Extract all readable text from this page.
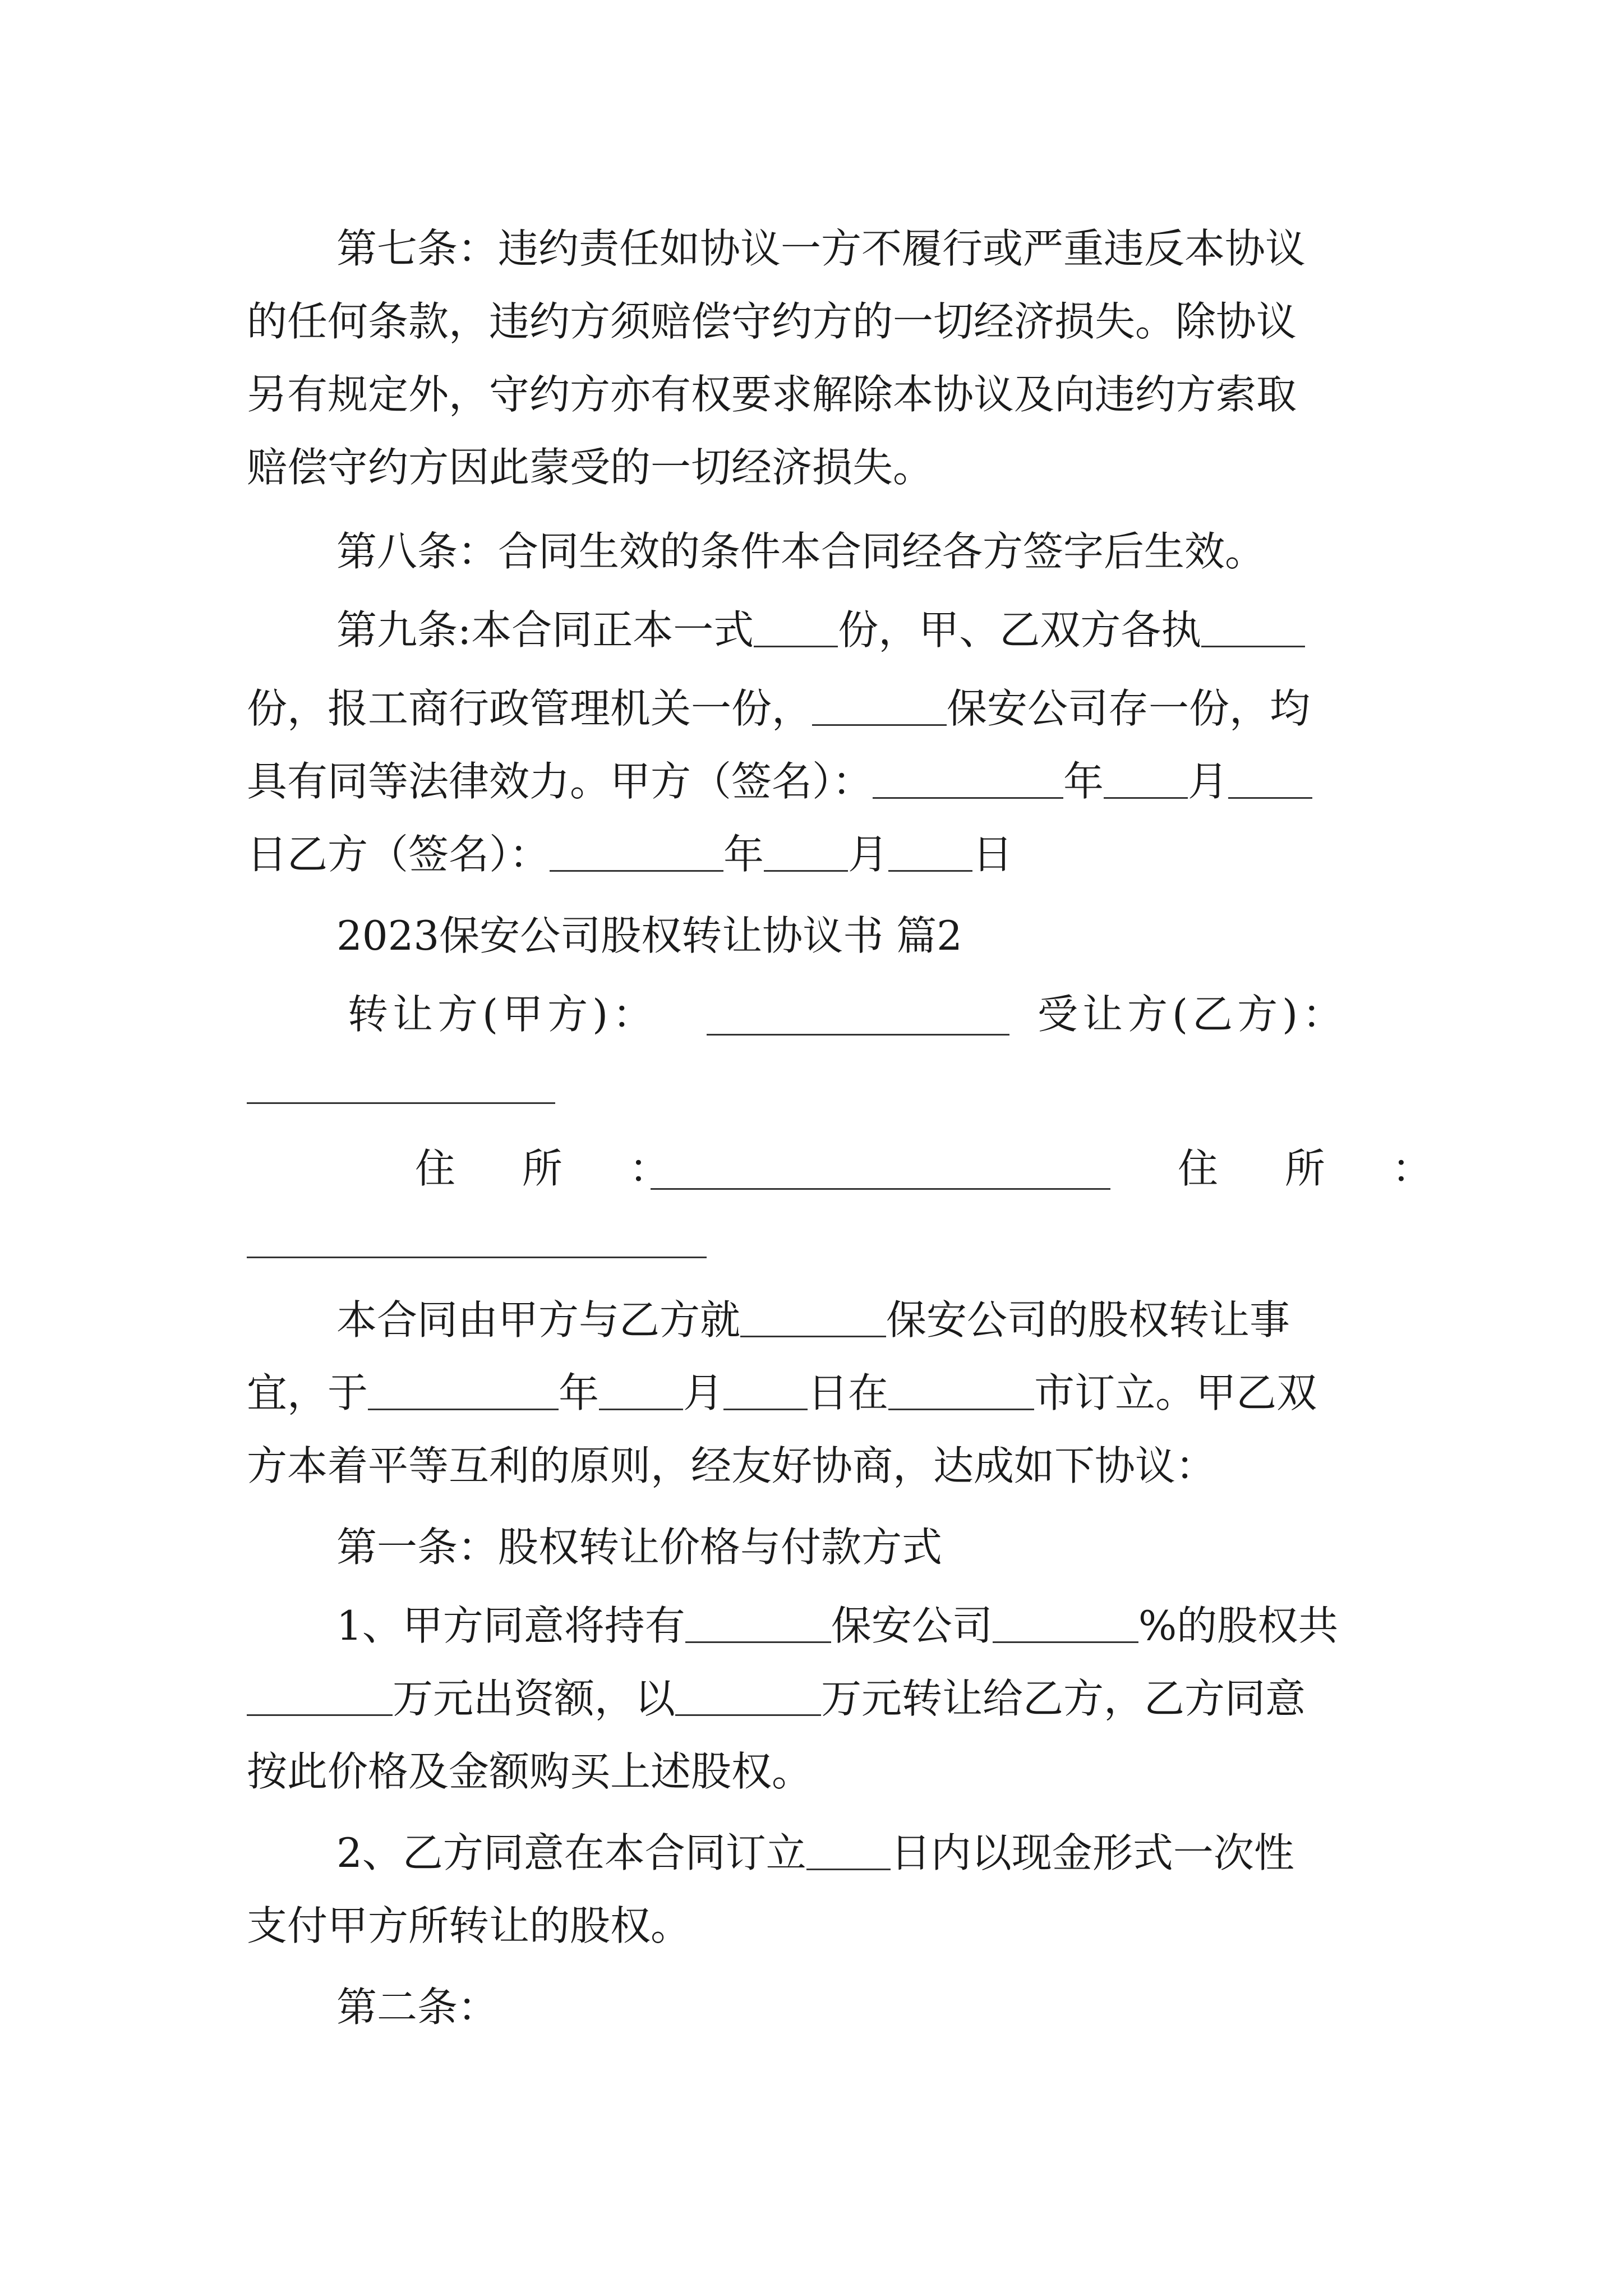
第七条：违约责任如协议一方不履行或严重违反本协议
的任何条款，违约方须赔偿守约方的一切经济损失。除协议
另有规定外，守约方亦有权要求解除本协议及向违约方索取
赔偿守约方因此蒙受的一切经济损失。
第八条：合同生效的条件本合同经各方签字后生效。
第九条:本合同正本一式 份，甲、乙双方各执
份，报工商行政管理机关一份，	保安公司存一份，均
具有同等法律效力。甲方（签名）：	年 月
日乙方（签名）：	年 月 日
2023保安公司股权转让协议书 篇2
转让方(甲方)：	受让方(乙方)：
住 所 ：	住 所 ：
本合同由甲方与乙方就	保安公司的股权转让事
宜，于	年 月 日在	市订立。甲乙双
方本着平等互利的原则，经友好协商，达成如下协议：
第一条：股权转让价格与付款方式
1、甲方同意将持有	保安公司	%的股权共
万元出资额，以	万元转让给乙方，乙方同意
按此价格及金额购买上述股权。
2、乙方同意在本合同订立 日内以现金形式一次性
支付甲方所转让的股权。
第二条：
